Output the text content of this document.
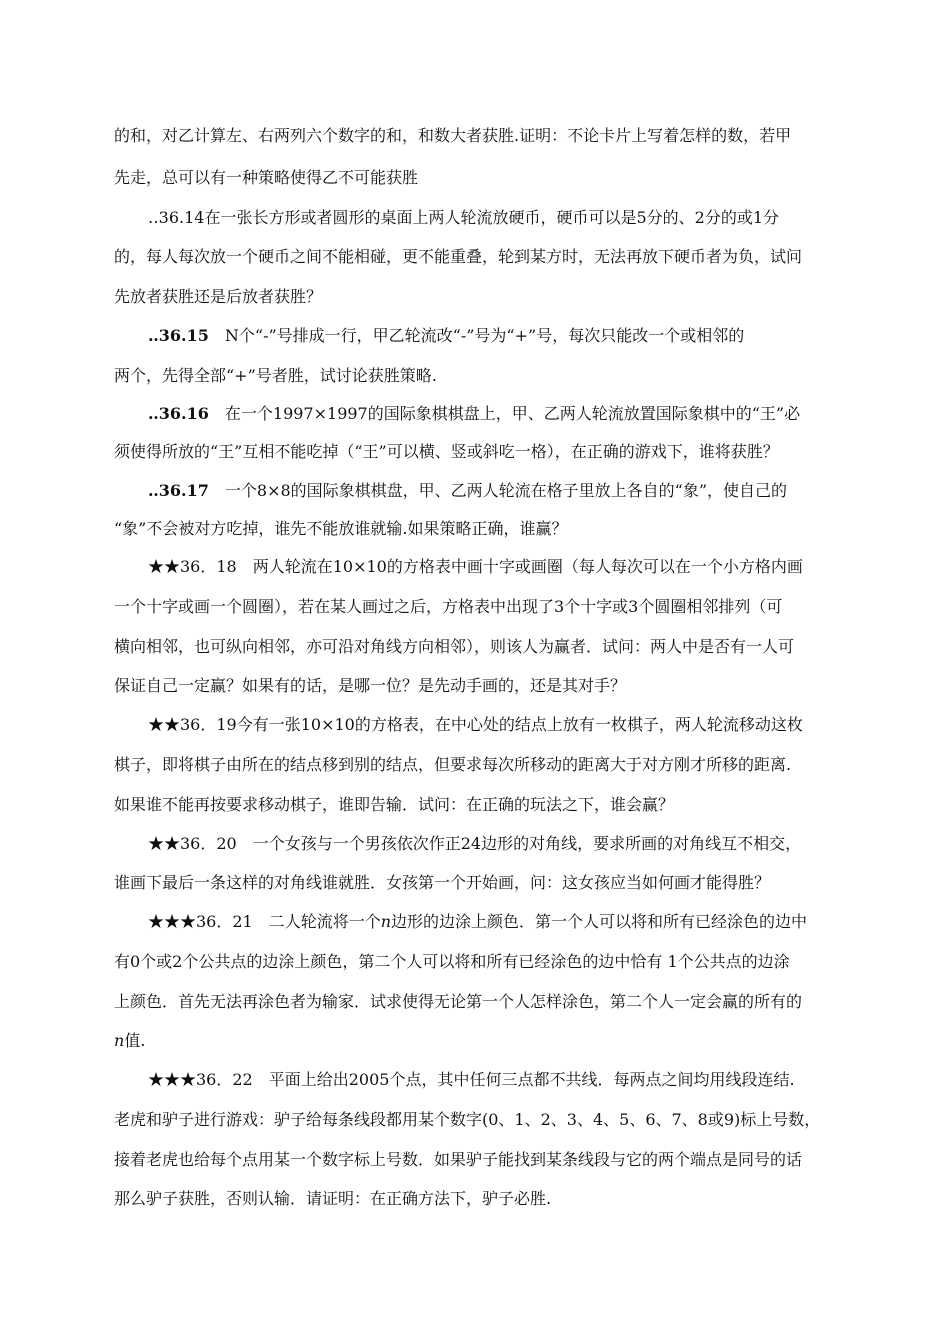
的和，对乙计算左、右两列六个数字的和，和数大者获胜.证明：不论卡片上写着怎样的数，若甲
先走，总可以有一种策略使得乙不可能获胜
‥36.14在一张长方形或者圆形的桌面上两人轮流放硬币，硬币可以是5分的、2分的或1分
的，每人每次放一个硬币之间不能相碰，更不能重叠，轮到某方时，无法再放下硬币者为负，试问
先放者获胜还是后放者获胜？
‥36.15　N个“-”号排成一行，甲乙轮流改“-”号为“+”号，每次只能改一个或相邻的
两个，先得全部“+”号者胜，试讨论获胜策略.
‥36.16　在一个1997×1997的国际象棋棋盘上，甲、乙两人轮流放置国际象棋中的“王”必
须使得所放的“王”互相不能吃掉（“王”可以横、竖或斜吃一格），在正确的游戏下，谁将获胜？
‥36.17　一个8×8的国际象棋棋盘，甲、乙两人轮流在格子里放上各自的“象”，使自己的
“象”不会被对方吃掉，谁先不能放谁就输.如果策略正确，谁赢？
★★36．18　两人轮流在10×10的方格表中画十字或画圈（每人每次可以在一个小方格内画
一个十字或画一个圆圈），若在某人画过之后，方格表中出现了3个十字或3个圆圈相邻排列（可
横向相邻，也可纵向相邻，亦可沿对角线方向相邻），则该人为赢者．试问：两人中是否有一人可
保证自己一定赢？如果有的话，是哪一位？是先动手画的，还是其对手？
★★36．19今有一张10×10的方格表，在中心处的结点上放有一枚棋子，两人轮流移动这枚
棋子，即将棋子由所在的结点移到别的结点，但要求每次所移动的距离大于对方刚才所移的距离.
如果谁不能再按要求移动棋子，谁即告输．试问：在正确的玩法之下，谁会赢？
★★36．20　一个女孩与一个男孩依次作正24边形的对角线，要求所画的对角线互不相交，
谁画下最后一条这样的对角线谁就胜．女孩第一个开始画，问：这女孩应当如何画才能得胜？
★★★36．21　二人轮流将一个n边形的边涂上颜色．第一个人可以将和所有已经涂色的边中
有0个或2个公共点的边涂上颜色，第二个人可以将和所有已经涂色的边中恰有 1个公共点的边涂
上颜色．首先无法再涂色者为输家．试求使得无论第一个人怎样涂色，第二个人一定会赢的所有的
n值.
★★★36．22　平面上给出2005个点，其中任何三点都不共线．每两点之间均用线段连结.
老虎和驴子进行游戏：驴子给每条线段都用某个数字(0、1、2、3、4、5、6、7、8或9)标上号数，
接着老虎也给每个点用某一个数字标上号数．如果驴子能找到某条线段与它的两个端点是同号的话
那么驴子获胜，否则认输．请证明：在正确方法下，驴子必胜.
